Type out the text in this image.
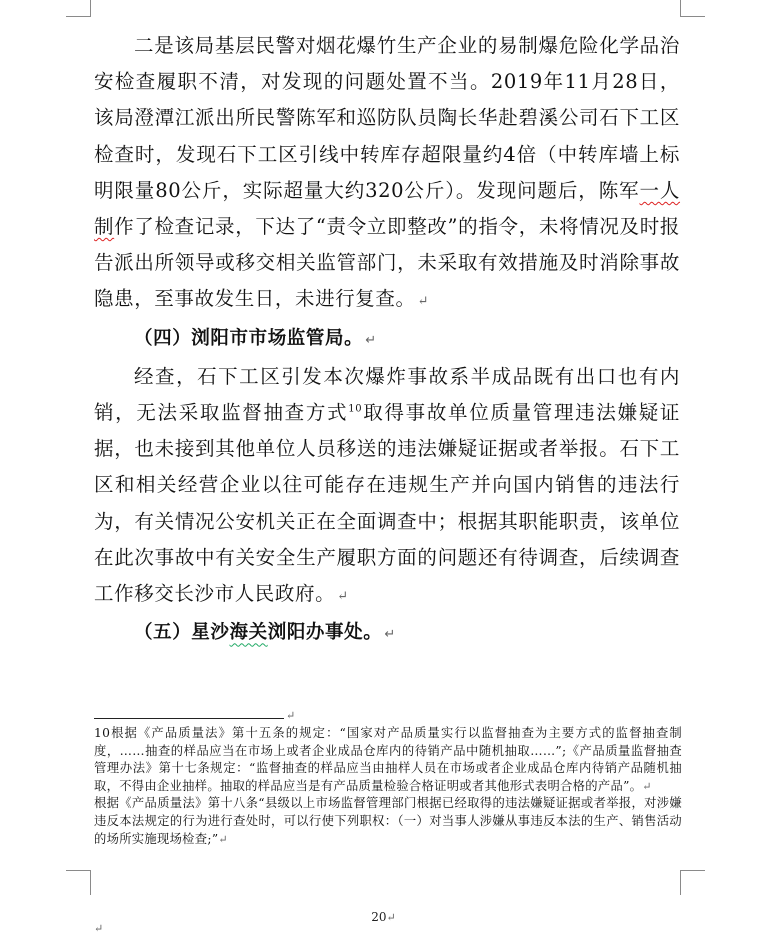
二是该局基层民警对烟花爆竹生产企业的易制爆危险化学品治安检查履职不清，对发现的问题处置不当。2019年11月28日，该局澄潭江派出所民警陈军和巡防队员陶长华赴碧溪公司石下工区检查时，发现石下工区引线中转库存超限量约4倍（中转库墙上标明限量80公斤，实际超量大约320公斤）。发现问题后，陈军一人制作了检查记录，下达了“责令立即整改”的指令，未将情况及时报告派出所领导或移交相关监管部门，未采取有效措施及时消除事故隐患，至事故发生日，未进行复查。 ↵

（四）浏阳市市场监管局。 ↵

经查，石下工区引发本次爆炸事故系半成品既有出口也有内销，无法采取监督抽查方式$^{10}$取得事故单位质量管理违法嫌疑证据，也未接到其他单位人员移送的违法嫌疑证据或者举报。石下工区和相关经营企业以往可能存在违规生产并向国内销售的违法行为，有关情况公安机关正在全面调查中；根据其职能职责，该单位在此次事故中有关安全生产履职方面的问题还有待调查，后续调查工作移交长沙市人民政府。 ↵

（五）星沙海关浏阳办事处。 ↵

↵

10根据《产品质量法》第十五条的规定：“国家对产品质量实行以监督抽查为主要方式的监督抽查制度，……抽查的样品应当在市场上或者企业成品仓库内的待销产品中随机抽取……”;《产品质量监督抽查管理办法》第十七条规定：“监督抽查的样品应当由抽样人员在市场或者企业成品仓库内待销产品随机抽取，不得由企业抽样。抽取的样品应当是有产品质量检验合格证明或者其他形式表明合格的产品”。↵

根据《产品质量法》第十八条“县级以上市场监督管理部门根据已经取得的违法嫌疑证据或者举报，对涉嫌违反本法规定的行为进行查处时，可以行使下列职权：（一）对当事人涉嫌从事违反本法的生产、销售活动的场所实施现场检查;”↵

20↵
↵
